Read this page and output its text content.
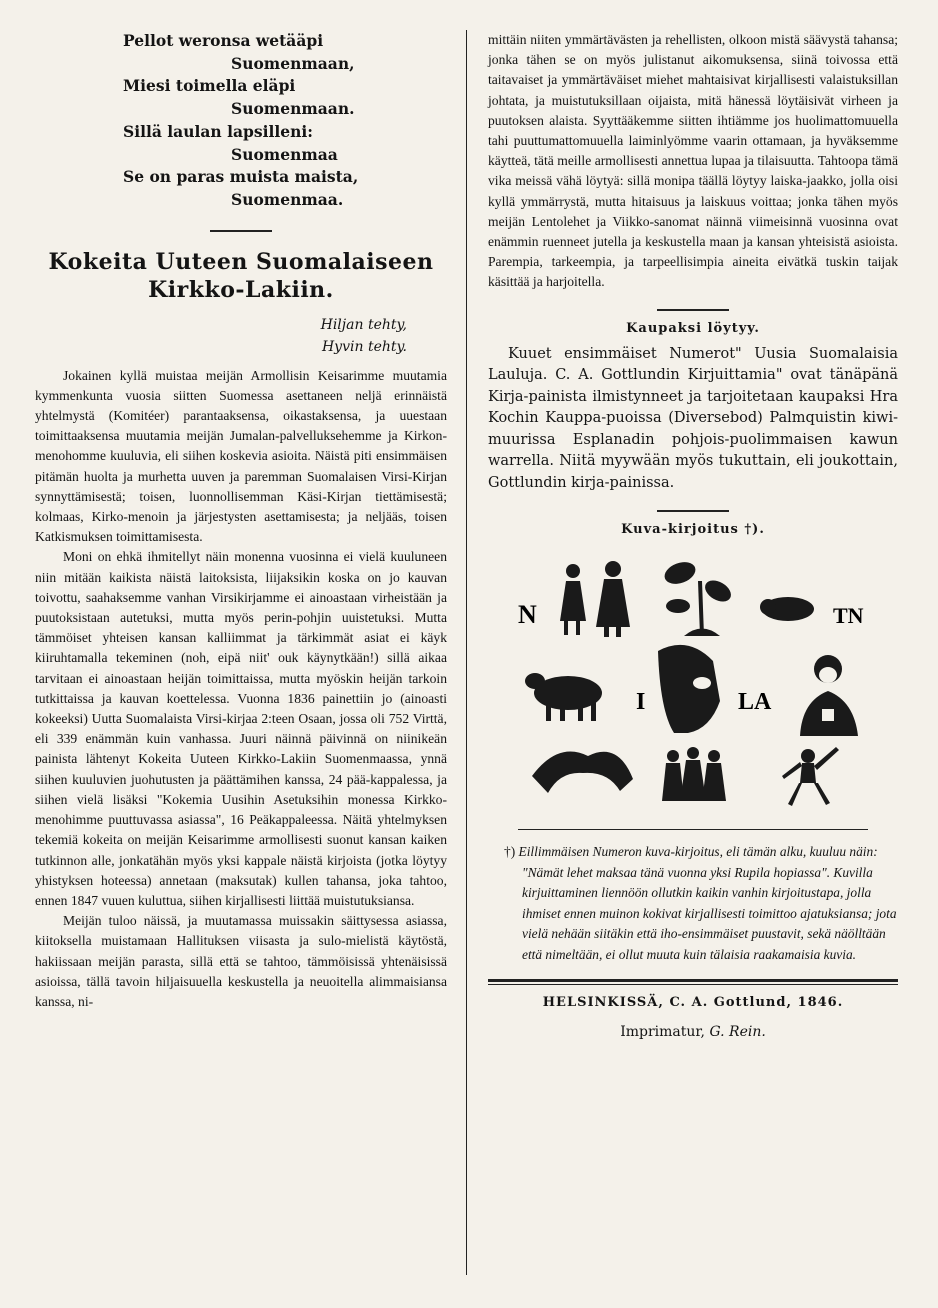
Pellot weronsa wetääpi
Suomenmaan,
Miesi toimella eläpi
Suomenmaan.
Sillä laulan lapsilleni:
Suomenmaa
Se on paras muista maista,
Suomenmaa.

Kokeita Uuteen Suomalaiseen

Kirkko-Lakiin.

Hiljan tehty,
Hyvin tehty.

Jokainen kyllä muistaa meijän Armollisin Keisarimme muutamia kymmenkunta vuosia siitten Suomessa asettaneen neljä erinnäistä yhtelmystä (Komitéer) parantaaksensa, oikastaksensa, ja uuestaan toimittaaksensa muutamia meijän Jumalan-palvelluksehemme ja Kirkon-menohomme kuuluvia, eli siihen koskevia asioita. Näistä piti ensimmäisen pitämän huolta ja murhetta uuven ja paremman Suomalaisen Virsi-Kirjan synnyttämisestä; toisen, luonnollisemman Käsi-Kirjan tiettämisestä; kolmaas, Kirko-menoin ja järjestysten asettamisesta; ja neljääs, toisen Katkismuksen toimittamisesta.

Moni on ehkä ihmitellyt näin monenna vuosinna ei vielä kuuluneen niin mitään kaikista näistä laitoksista, liijaksikin koska on jo kauvan toivottu, saahaksemme vanhan Virsikirjamme ei ainoastaan virheistään ja puutoksistaan autetuksi, mutta myös perin-pohjin uuistetuksi. Mutta tämmöiset yhteisen kansan kalliimmat ja tärkimmät asiat ei käyk kiiruhtamalla tekeminen (noh, eipä niit' ouk käynytkään!) sillä aikaa tarvitaan ei ainoastaan heijän toimittaissa, mutta myöskin heijän tarkoin tutkittaissa ja kauvan koettelessa. Vuonna 1836 painettiin jo (ainoasti kokeeksi) Uutta Suomalaista Virsi-kirjaa 2:teen Osaan, jossa oli 752 Virttä, eli 339 enämmän kuin vanhassa. Juuri näinnä päivinnä on niinikeän painista lähtenyt Kokeita Uuteen Kirkko-Lakiin Suomenmaassa, ynnä siihen kuuluvien juohutusten ja päättämihen kanssa, 24 pää-kappalessa, ja siihen vielä lisäksi "Kokemia Uusihin Asetuksihin monessa Kirkko-menohimme puuttuvassa asiassa", 16 Peäkappaleessa. Näitä yhtelmyksen tekemiä kokeita on meijän Keisarimme armollisesti suonut kansan kaiken tutkinnon alle, jonkatähän myös yksi kappale näistä kirjoista (jotka löytyy yhistyksen hoteessa) annetaan (maksutak) kullen tahansa, joka tahtoo, ennen 1847 vuuen kuluttua, siihen kirjallisesti liittää muistutuksiansa.

Meijän tuloo näissä, ja muutamassa muissakin säittysessa asiassa, kiitoksella muistamaan Hallituksen viisasta ja sulo-mielistä käytöstä, hakiissaan meijän parasta, sillä että se tahtoo, tämmöisissä yhtenäisissä asioissa, tällä tavoin hiljaisuuella keskustella ja neuoitella alimmaisiansa kanssa, ni-

mittäin niiten ymmärtävästen ja rehellisten, olkoon mistä säävystä tahansa; jonka tähen se on myös julistanut aikomuksensa, siinä toivossa että taitavaiset ja ymmärtäväiset miehet mahtaisivat kirjallisesti valaistuksillan johtata, ja muistutuksillaan oijaista, mitä hänessä löytäisivät virheen ja puutoksen alaista. Syyttääkemme siitten ihtiämme jos huolimattomuuella tahi puuttumattomuuella laiminlyömme vaarin ottamaan, ja hyväksemme käytteä, tätä meille armollisesti annettua lupaa ja tilaisuutta. Tahtoopa tämä vika meissä vähä löytyä: sillä monipa täällä löytyy laiska-jaakko, jolla oisi kyllä ymmärrystä, mutta hitaisuus ja laiskuus voittaa; jonka tähen myös meijän Lentolehet ja Viikko-sanomat näinnä viimeisinnä vuosinna ovat enämmin ruenneet jutella ja keskustella maan ja kansan yhteisistä asioista. Parempia, tarkeempia, ja tarpeellisimpia aineita eivätkä tuskin taijak käsittää ja harjoitella.

Kaupaksi löytyy.

Kuuet ensimmäiset Numerot" Uusia Suomalaisia Lauluja. C. A. Gottlundin Kirjuittamia" ovat tänäpänä Kirja-painista ilmistynneet ja tarjoitetaan kaupaksi Hra Kochin Kauppa-puoissa (Diversebod) Palmquistin kiwi-muurissa Esplanadin pohjois-puolimmaisen kawun warrella. Niitä myywään myös tukuttain, eli joukottain, Gottlundin kirja-painissa.

Kuva-kirjoitus †).

N	TN
I	LA

†) Eillimmäisen Numeron kuva-kirjoitus, eli tämän alku, kuuluu näin: "Nämät lehet maksaa tänä vuonna yksi Rupila hopiassa". Kuvilla kirjuittaminen liennöön ollutkin kaikin vanhin kirjoitustapa, jolla ihmiset ennen muinon kokivat kirjallisesti toimittoo ajatuksiansa; jota vielä nehään siitäkin että iho-ensimmäiset puustavit, sekä näölltään että nimeltään, ei ollut muuta kuin tälaisia raakamaisia kuvia.

HELSINKISSÄ, C. A. Gottlund, 1846.

Imprimatur, G. Rein.
